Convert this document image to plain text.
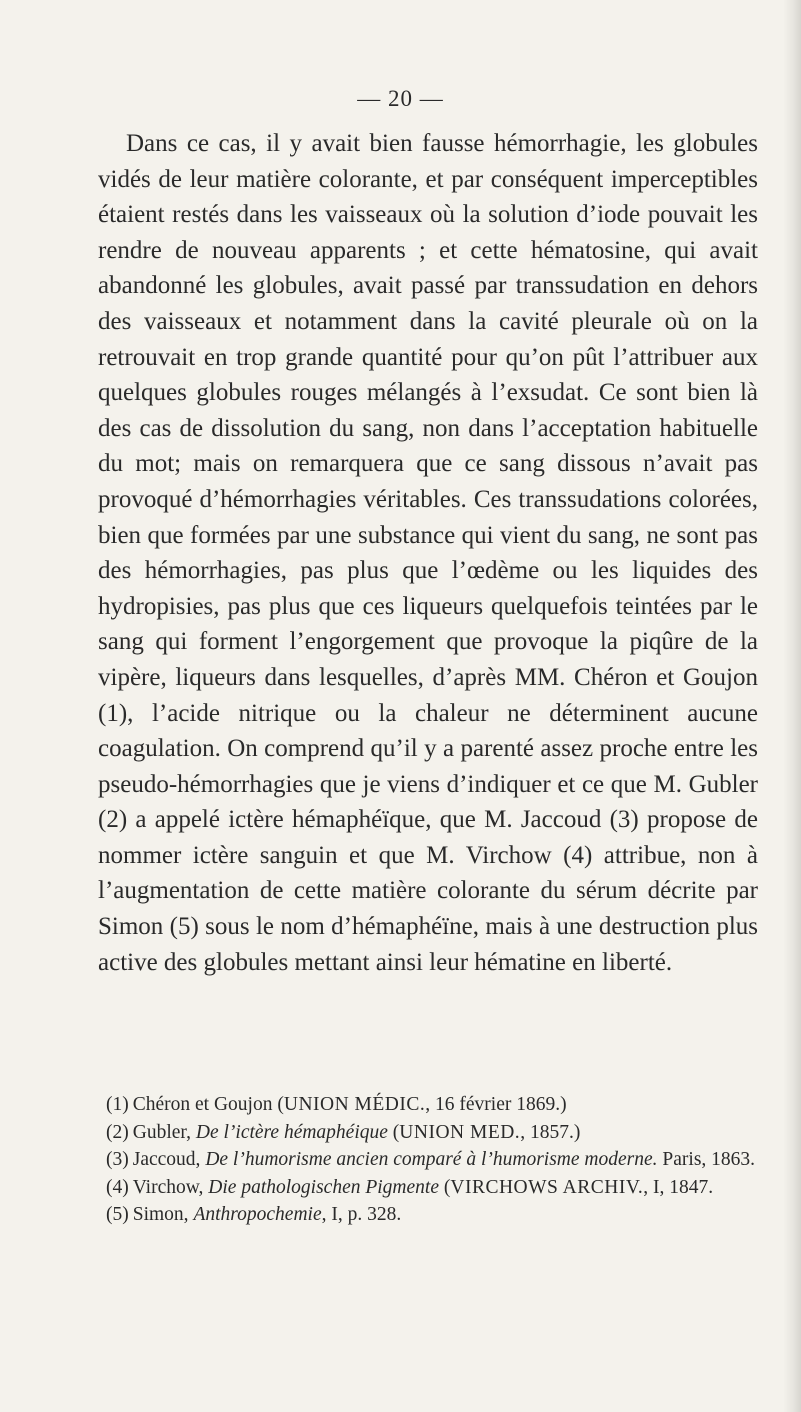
— 20 —

Dans ce cas, il y avait bien fausse hémorrhagie, les globules vidés de leur matière colorante, et par conséquent imperceptibles étaient restés dans les vaisseaux où la solution d’iode pouvait les rendre de nouveau apparents ; et cette hématosine, qui avait abandonné les globules, avait passé par transsudation en dehors des vaisseaux et notamment dans la cavité pleurale où on la retrouvait en trop grande quantité pour qu’on pût l’attribuer aux quelques globules rouges mélangés à l’exsudat. Ce sont bien là des cas de dissolution du sang, non dans l’acceptation habituelle du mot; mais on remarquera que ce sang dissous n’avait pas provoqué d’hémorrhagies véritables. Ces transsudations colorées, bien que formées par une substance qui vient du sang, ne sont pas des hémorrhagies, pas plus que l’œdème ou les liquides des hydropisies, pas plus que ces liqueurs quelquefois teintées par le sang qui forment l’engorgement que provoque la piqûre de la vipère, liqueurs dans lesquelles, d’après MM. Chéron et Goujon (1), l’acide nitrique ou la chaleur ne déterminent aucune coagulation. On comprend qu’il y a parenté assez proche entre les pseudo-hémorrhagies que je viens d’indiquer et ce que M. Gubler (2) a appelé ictère hémaphéïque, que M. Jaccoud (3) propose de nommer ictère sanguin et que M. Virchow (4) attribue, non à l’augmentation de cette matière colorante du sérum décrite par Simon (5) sous le nom d’hémaphéïne, mais à une destruction plus active des globules mettant ainsi leur hématine en liberté.

(1) Chéron et Goujon (UNION MÉDIC., 16 février 1869.)

(2) Gubler, De l’ictère hémaphéique (UNION MED., 1857.)

(3) Jaccoud, De l’humorisme ancien comparé à l’humorisme moderne. Paris, 1863.

(4) Virchow, Die pathologischen Pigmente (VIRCHOWS ARCHIV., I, 1847.

(5) Simon, Anthropochemie, I, p. 328.
